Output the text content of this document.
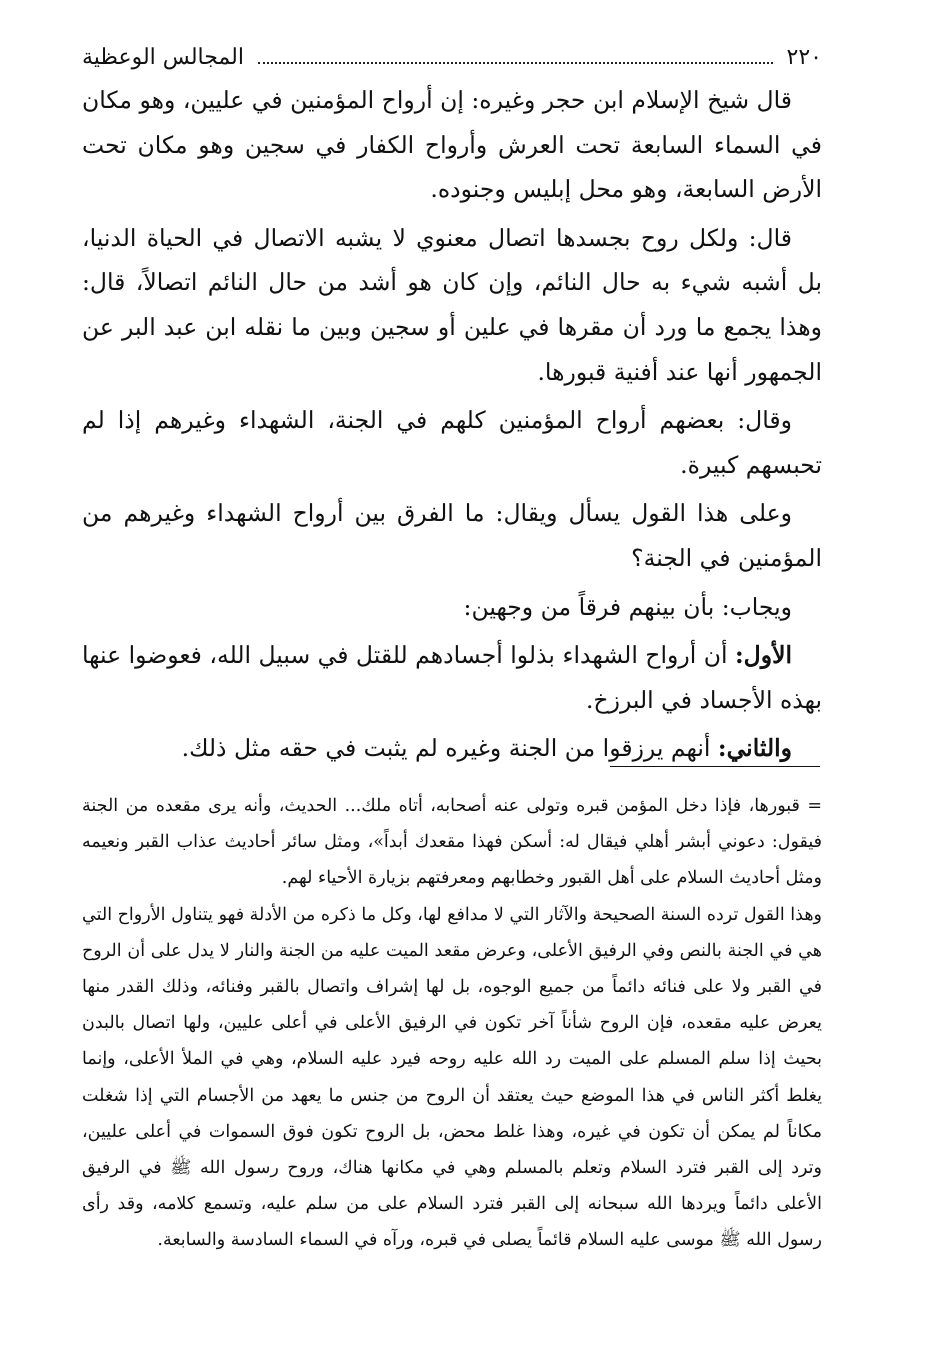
٢٢٠
المجالس الوعظية

قال شيخ الإسلام ابن حجر وغيره: إن أرواح المؤمنين في عليين، وهو مكان في السماء السابعة تحت العرش وأرواح الكفار في سجين وهو مكان تحت الأرض السابعة، وهو محل إبليس وجنوده.

قال: ولكل روح بجسدها اتصال معنوي لا يشبه الاتصال في الحياة الدنيا، بل أشبه شيء به حال النائم، وإن كان هو أشد من حال النائم اتصالاً، قال: وهذا يجمع ما ورد أن مقرها في علين أو سجين وبين ما نقله ابن عبد البر عن الجمهور أنها عند أفنية قبورها.

وقال: بعضهم أرواح المؤمنين كلهم في الجنة، الشهداء وغيرهم إذا لم تحبسهم كبيرة.

وعلى هذا القول يسأل ويقال: ما الفرق بين أرواح الشهداء وغيرهم من المؤمنين في الجنة؟

ويجاب: بأن بينهم فرقاً من وجهين:

الأول: أن أرواح الشهداء بذلوا أجسادهم للقتل في سبيل الله، فعوضوا عنها بهذه الأجساد في البرزخ.

والثاني: أنهم يرزقوا من الجنة وغيره لم يثبت في حقه مثل ذلك.

= قبورها، فإذا دخل المؤمن قبره وتولى عنه أصحابه، أتاه ملك... الحديث، وأنه يرى مقعده من الجنة فيقول: دعوني أبشر أهلي فيقال له: أسكن فهذا مقعدك أبداً»، ومثل سائر أحاديث عذاب القبر ونعيمه ومثل أحاديث السلام على أهل القبور وخطابهم ومعرفتهم بزيارة الأحياء لهم.

وهذا القول ترده السنة الصحيحة والآثار التي لا مدافع لها، وكل ما ذكره من الأدلة فهو يتناول الأرواح التي هي في الجنة بالنص وفي الرفيق الأعلى، وعرض مقعد الميت عليه من الجنة والنار لا يدل على أن الروح في القبر ولا على فنائه دائماً من جميع الوجوه، بل لها إشراف واتصال بالقبر وفنائه، وذلك القدر منها يعرض عليه مقعده، فإن الروح شأناً آخر تكون في الرفيق الأعلى في أعلى عليين، ولها اتصال بالبدن بحيث إذا سلم المسلم على الميت رد الله عليه روحه فيرد عليه السلام، وهي في الملأ الأعلى، وإنما يغلط أكثر الناس في هذا الموضع حيث يعتقد أن الروح من جنس ما يعهد من الأجسام التي إذا شغلت مكاناً لم يمكن أن تكون في غيره، وهذا غلط محض، بل الروح تكون فوق السموات في أعلى عليين، وترد إلى القبر فترد السلام وتعلم بالمسلم وهي في مكانها هناك، وروح رسول الله ﷺ في الرفيق الأعلى دائماً ويردها الله سبحانه إلى القبر فترد السلام على من سلم عليه، وتسمع كلامه، وقد رأى رسول الله ﷺ موسى عليه السلام قائماً يصلى في قبره، ورآه في السماء السادسة والسابعة.
